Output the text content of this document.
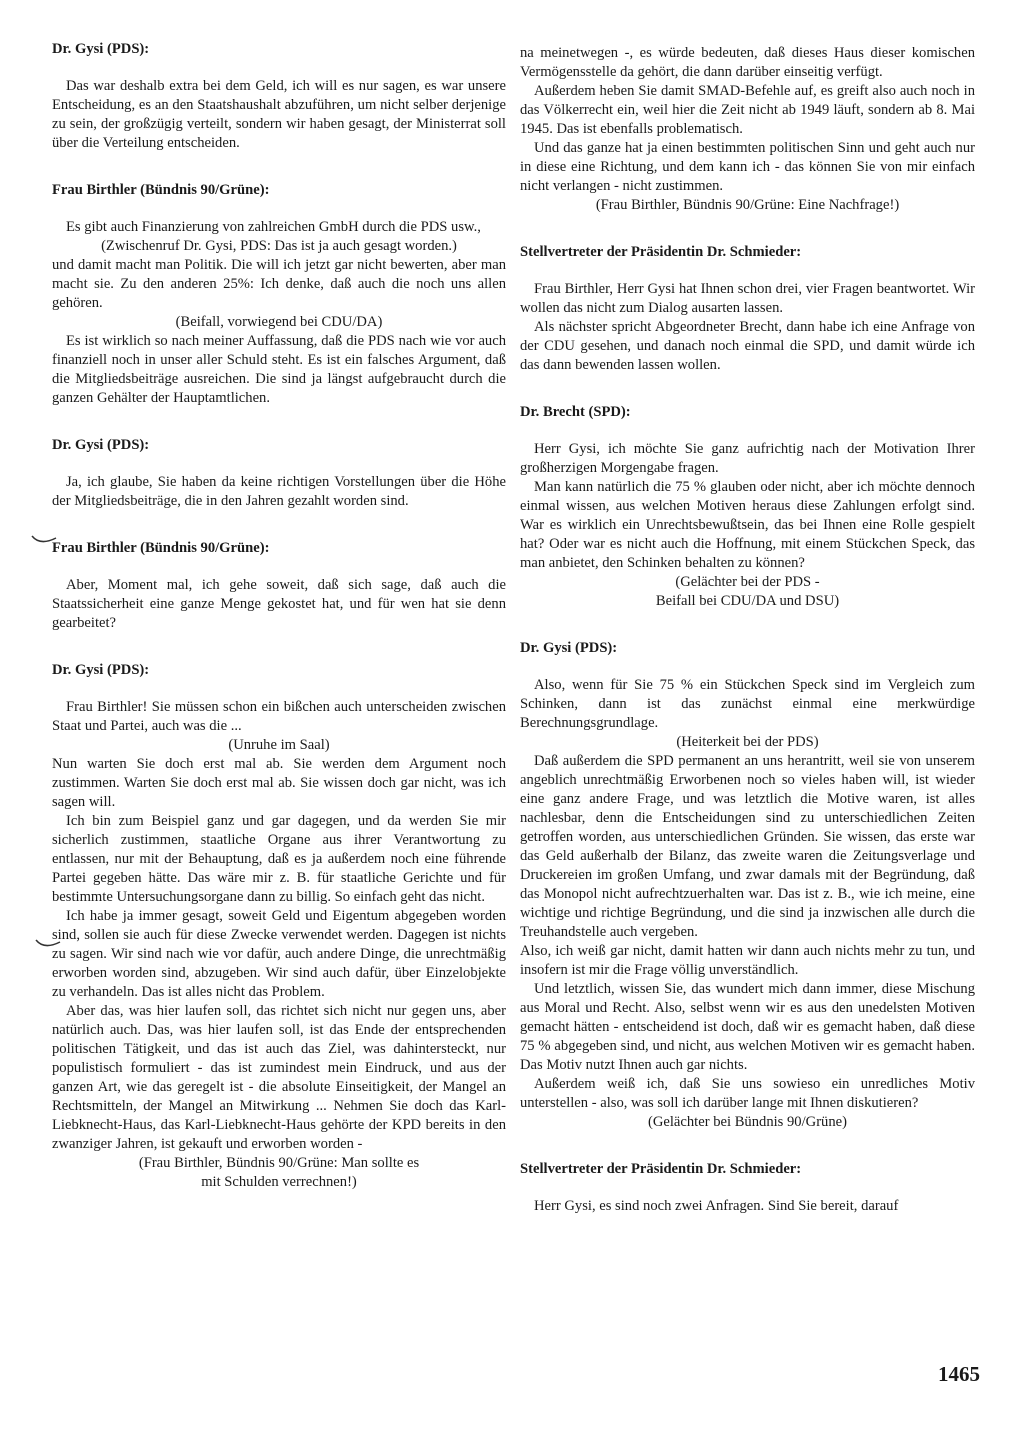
Dr. Gysi (PDS):

Das war deshalb extra bei dem Geld, ich will es nur sagen, es war unsere Entscheidung, es an den Staatshaushalt abzuführen, um nicht selber derjenige zu sein, der großzügig verteilt, sondern wir haben gesagt, der Ministerrat soll über die Verteilung entscheiden.

Frau Birthler (Bündnis 90/Grüne):

Es gibt auch Finanzierung von zahlreichen GmbH durch die PDS usw.,

(Zwischenruf Dr. Gysi, PDS: Das ist ja auch gesagt worden.)

und damit macht man Politik. Die will ich jetzt gar nicht bewerten, aber man macht sie. Zu den anderen 25%: Ich denke, daß auch die noch uns allen gehören.

(Beifall, vorwiegend bei CDU/DA)

Es ist wirklich so nach meiner Auffassung, daß die PDS nach wie vor auch finanziell noch in unser aller Schuld steht. Es ist ein falsches Argument, daß die Mitgliedsbeiträge ausreichen. Die sind ja längst aufgebraucht durch die ganzen Gehälter der Hauptamtlichen.

Dr. Gysi (PDS):

Ja, ich glaube, Sie haben da keine richtigen Vorstellungen über die Höhe der Mitgliedsbeiträge, die in den Jahren gezahlt worden sind.

Frau Birthler (Bündnis 90/Grüne):

Aber, Moment mal, ich gehe soweit, daß sich sage, daß auch die Staatssicherheit eine ganze Menge gekostet hat, und für wen hat sie denn gearbeitet?

Dr. Gysi (PDS):

Frau Birthler! Sie müssen schon ein bißchen auch unterscheiden zwischen Staat und Partei, auch was die ...

(Unruhe im Saal)

Nun warten Sie doch erst mal ab. Sie werden dem Argument noch zustimmen. Warten Sie doch erst mal ab. Sie wissen doch gar nicht, was ich sagen will.

Ich bin zum Beispiel ganz und gar dagegen, und da werden Sie mir sicherlich zustimmen, staatliche Organe aus ihrer Verantwortung zu entlassen, nur mit der Behauptung, daß es ja außerdem noch eine führende Partei gegeben hätte. Das wäre mir z. B. für staatliche Gerichte und für bestimmte Untersuchungsorgane dann zu billig. So einfach geht das nicht.

Ich habe ja immer gesagt, soweit Geld und Eigentum abgegeben worden sind, sollen sie auch für diese Zwecke verwendet werden. Dagegen ist nichts zu sagen. Wir sind nach wie vor dafür, auch andere Dinge, die unrechtmäßig erworben worden sind, abzugeben. Wir sind auch dafür, über Einzelobjekte zu verhandeln. Das ist alles nicht das Problem.

Aber das, was hier laufen soll, das richtet sich nicht nur gegen uns, aber natürlich auch. Das, was hier laufen soll, ist das Ende der entsprechenden politischen Tätigkeit, und das ist auch das Ziel, was dahintersteckt, nur populistisch formuliert - das ist zumindest mein Eindruck, und aus der ganzen Art, wie das geregelt ist - die absolute Einseitigkeit, der Mangel an Rechtsmitteln, der Mangel an Mitwirkung ... Nehmen Sie doch das Karl-Liebknecht-Haus, das Karl-Liebknecht-Haus gehörte der KPD bereits in den zwanziger Jahren, ist gekauft und erworben worden -

(Frau Birthler, Bündnis 90/Grüne: Man sollte es

mit Schulden verrechnen!)

na meinetwegen -, es würde bedeuten, daß dieses Haus dieser komischen Vermögensstelle da gehört, die dann darüber einseitig verfügt.

Außerdem heben Sie damit SMAD-Befehle auf, es greift also auch noch in das Völkerrecht ein, weil hier die Zeit nicht ab 1949 läuft, sondern ab 8. Mai 1945. Das ist ebenfalls problematisch.

Und das ganze hat ja einen bestimmten politischen Sinn und geht auch nur in diese eine Richtung, und dem kann ich - das können Sie von mir einfach nicht verlangen - nicht zustimmen.

(Frau Birthler, Bündnis 90/Grüne: Eine Nachfrage!)

Stellvertreter der Präsidentin Dr. Schmieder:

Frau Birthler, Herr Gysi hat Ihnen schon drei, vier Fragen beantwortet. Wir wollen das nicht zum Dialog ausarten lassen.

Als nächster spricht Abgeordneter Brecht, dann habe ich eine Anfrage von der CDU gesehen, und danach noch einmal die SPD, und damit würde ich das dann bewenden lassen wollen.

Dr. Brecht (SPD):

Herr Gysi, ich möchte Sie ganz aufrichtig nach der Motivation Ihrer großherzigen Morgengabe fragen.

Man kann natürlich die 75 % glauben oder nicht, aber ich möchte dennoch einmal wissen, aus welchen Motiven heraus diese Zahlungen erfolgt sind. War es wirklich ein Unrechtsbewußtsein, das bei Ihnen eine Rolle gespielt hat? Oder war es nicht auch die Hoffnung, mit einem Stückchen Speck, das man anbietet, den Schinken behalten zu können?

(Gelächter bei der PDS -

Beifall bei CDU/DA und DSU)

Dr. Gysi (PDS):

Also, wenn für Sie 75 % ein Stückchen Speck sind im Vergleich zum Schinken, dann ist das zunächst einmal eine merkwürdige Berechnungsgrundlage.

(Heiterkeit bei der PDS)

Daß außerdem die SPD permanent an uns herantritt, weil sie von unserem angeblich unrechtmäßig Erworbenen noch so vieles haben will, ist wieder eine ganz andere Frage, und was letztlich die Motive waren, ist alles nachlesbar, denn die Entscheidungen sind zu unterschiedlichen Zeiten getroffen worden, aus unterschiedlichen Gründen. Sie wissen, das erste war das Geld außerhalb der Bilanz, das zweite waren die Zeitungsverlage und Druckereien im großen Umfang, und zwar damals mit der Begründung, daß das Monopol nicht aufrechtzuerhalten war. Das ist z. B., wie ich meine, eine wichtige und richtige Begründung, und die sind ja inzwischen alle durch die Treuhandstelle auch vergeben.

Also, ich weiß gar nicht, damit hatten wir dann auch nichts mehr zu tun, und insofern ist mir die Frage völlig unverständlich.

Und letztlich, wissen Sie, das wundert mich dann immer, diese Mischung aus Moral und Recht. Also, selbst wenn wir es aus den unedelsten Motiven gemacht hätten - entscheidend ist doch, daß wir es gemacht haben, daß diese 75 % abgegeben sind, und nicht, aus welchen Motiven wir es gemacht haben. Das Motiv nutzt Ihnen auch gar nichts.

Außerdem weiß ich, daß Sie uns sowieso ein unredliches Motiv unterstellen - also, was soll ich darüber lange mit Ihnen diskutieren?

(Gelächter bei Bündnis 90/Grüne)

Stellvertreter der Präsidentin Dr. Schmieder:

Herr Gysi, es sind noch zwei Anfragen. Sind Sie bereit, darauf

1465
